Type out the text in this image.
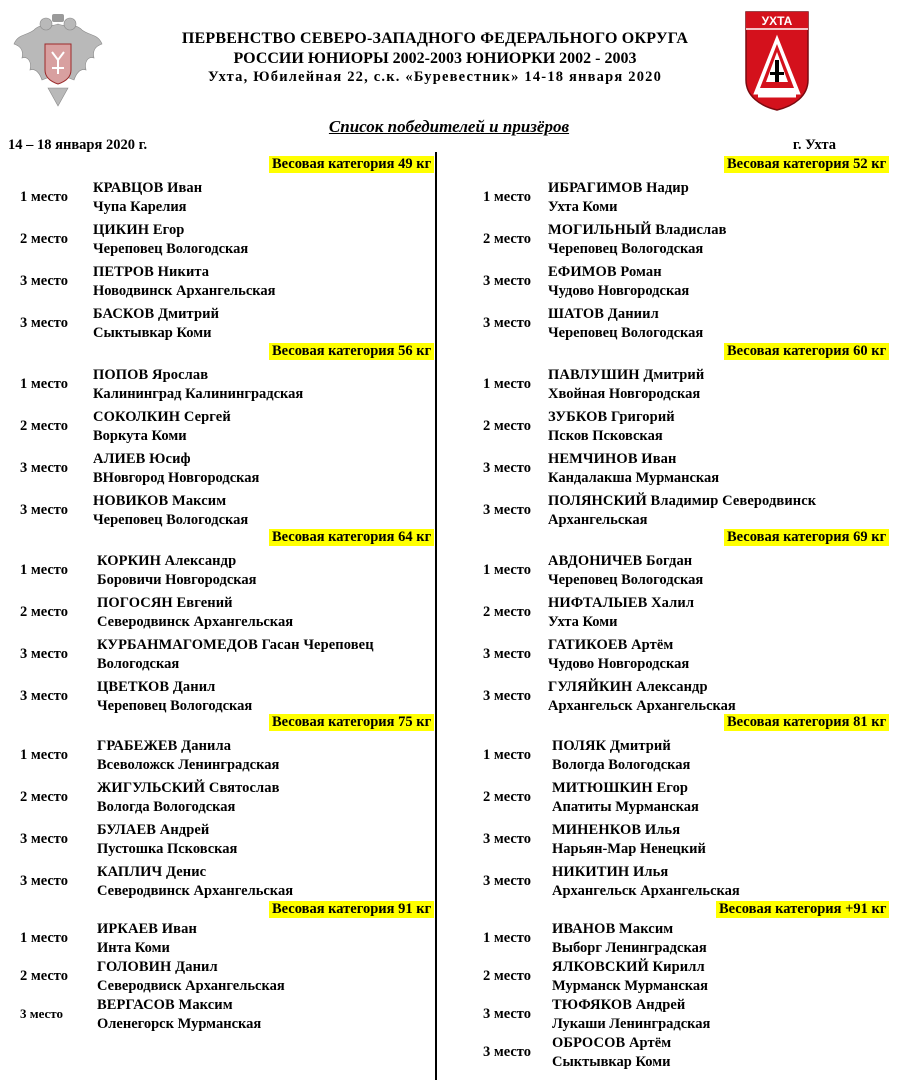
УХТА
ПЕРВЕНСТВО СЕВЕРО-ЗАПАДНОГО ФЕДЕРАЛЬНОГО ОКРУГА
РОССИИ ЮНИОРЫ 2002-2003 ЮНИОРКИ 2002 - 2003
Ухта, Юбилейная 22, с.к. «Буревестник» 14-18 января 2020
Список победителей и призёров
14 – 18 января 2020 г.	г. Ухта
Весовая категория 49 кг
1 место
КРАВЦОВ Иван
Чупа Карелия
2 место
ЦИКИН Егор
Череповец Вологодская
3 место
ПЕТРОВ Никита
Новодвинск Архангельская
3 место
БАСКОВ Дмитрий
Сыктывкар Коми
Весовая категория 56 кг
1 место
ПОПОВ Ярослав
Калининград Калининградская
2 место
СОКОЛКИН Сергей
Воркута Коми
3 место
АЛИЕВ Юсиф
ВНовгород Новгородская
3 место
НОВИКОВ Максим
Череповец Вологодская
Весовая категория 64 кг
1 место
КОРКИН Александр
Боровичи Новгородская
2 место
ПОГОСЯН Евгений
Северодвинск Архангельская
3 место
КУРБАНМАГОМЕДОВ Гасан Череповец
Вологодская
3 место
ЦВЕТКОВ Данил
Череповец Вологодская
Весовая категория 75 кг
1 место
ГРАБЕЖЕВ Данила
Всеволожск Ленинградская
2 место
ЖИГУЛЬСКИЙ Святослав
Вологда Вологодская
3 место
БУЛАЕВ Андрей
Пустошка Псковская
3 место
КАПЛИЧ Денис
Северодвинск Архангельская
Весовая категория 91 кг
1 место
ИРКАЕВ Иван
Инта Коми
2 место
ГОЛОВИН Данил
Северодвиск Архангельская
3 место
ВЕРГАСОВ Максим
Оленегорск Мурманская
Весовая категория 52 кг
1 место
ИБРАГИМОВ Надир
Ухта Коми
2 место
МОГИЛЬНЫЙ Владислав
Череповец Вологодская
3 место
ЕФИМОВ Роман
Чудово Новгородская
3 место
ШАТОВ Даниил
Череповец Вологодская
Весовая категория 60 кг
1 место
ПАВЛУШИН Дмитрий
Хвойная Новгородская
2 место
ЗУБКОВ Григорий
Псков Псковская
3 место
НЕМЧИНОВ Иван
Кандалакша Мурманская
3 место
ПОЛЯНСКИЙ Владимир Северодвинск
Архангельская
Весовая категория 69 кг
1 место
АВДОНИЧЕВ Богдан
Череповец Вологодская
2 место
НИФТАЛЫЕВ Халил
Ухта Коми
3 место
ГАТИКОЕВ Артём
Чудово Новгородская
3 место
ГУЛЯЙКИН Александр
Архангельск Архангельская
Весовая категория 81 кг
1 место
ПОЛЯК Дмитрий
Вологда Вологодская
2 место
МИТЮШКИН Егор
Апатиты Мурманская
3 место
МИНЕНКОВ Илья
Нарьян-Мар Ненецкий
3 место
НИКИТИН Илья
Архангельск Архангельская
Весовая категория +91 кг
1 место
ИВАНОВ Максим
Выборг Ленинградская
2 место
ЯЛКОВСКИЙ Кирилл
Мурманск Мурманская
3 место
ТЮФЯКОВ Андрей
Лукаши Ленинградская
3 место
ОБРОСОВ Артём
Сыктывкар Коми
